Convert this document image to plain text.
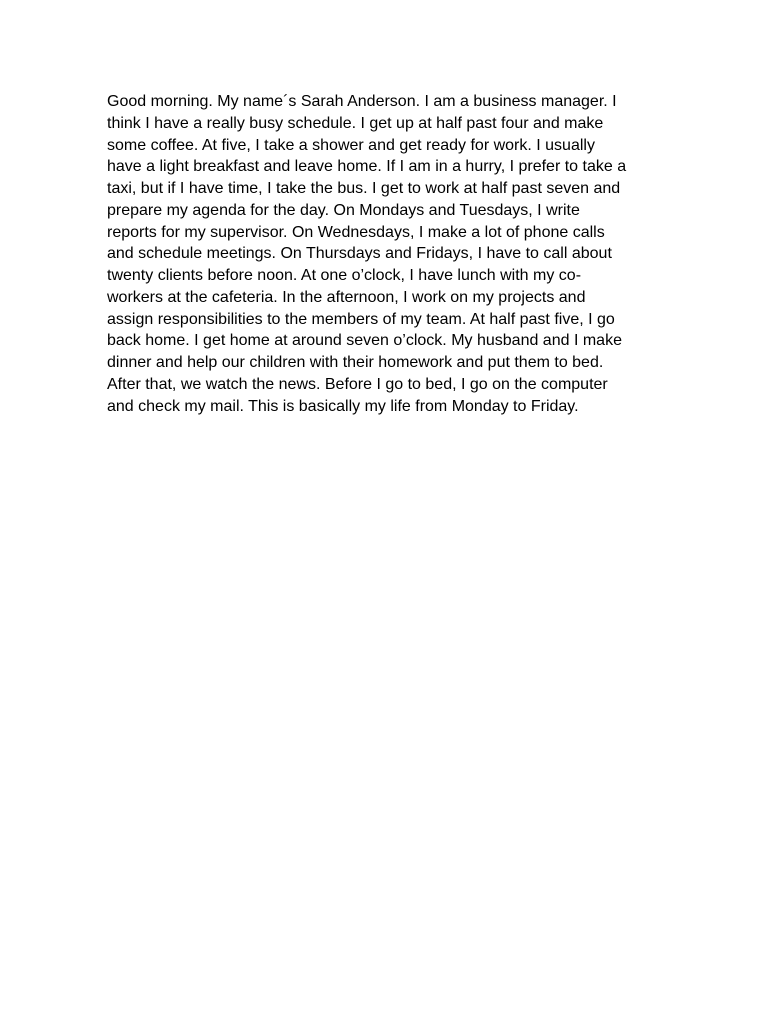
Good morning. My name´s Sarah Anderson. I am a business manager. I
think I have a really busy schedule. I get up at half past four and make
some coffee. At five, I take a shower and get ready for work. I usually
have a light breakfast and leave home. If I am in a hurry, I prefer to take a
taxi, but if I have time, I take the bus. I get to work at half past seven and
prepare my agenda for the day. On Mondays and Tuesdays, I write
reports for my supervisor. On Wednesdays, I make a lot of phone calls
and schedule meetings. On Thursdays and Fridays, I have to call about
twenty clients before noon. At one o’clock, I have lunch with my co-
workers at the cafeteria. In the afternoon, I work on my projects and
assign responsibilities to the members of my team. At half past five, I go
back home. I get home at around seven o’clock. My husband and I make
dinner and help our children with their homework and put them to bed.
After that, we watch the news. Before I go to bed, I go on the computer
and check my mail. This is basically my life from Monday to Friday.
